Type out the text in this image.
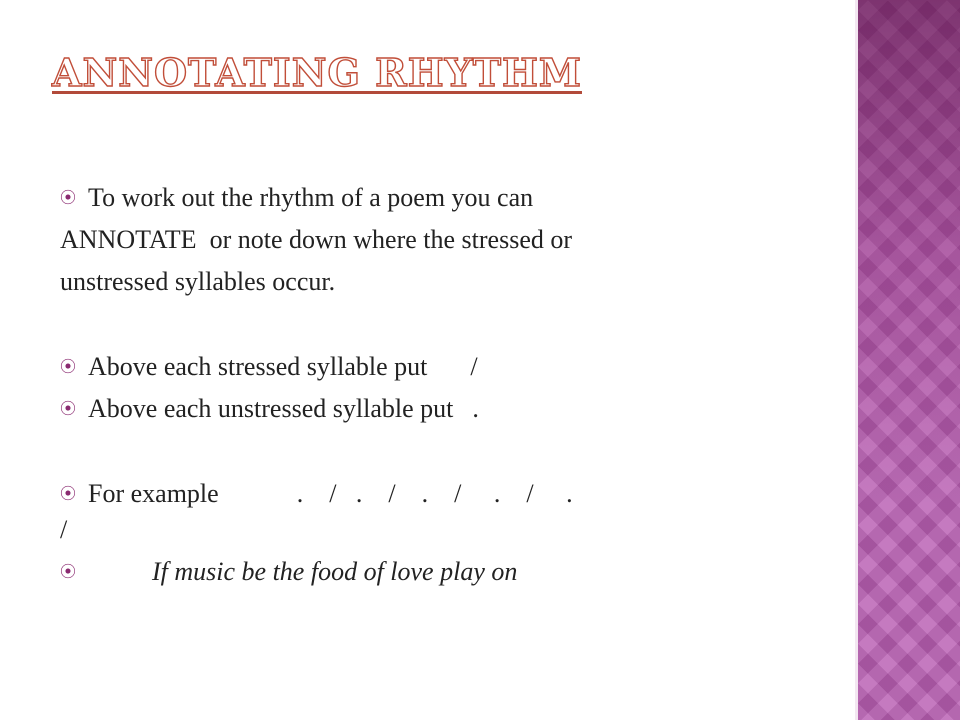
ANNOTATING RHYTHM
⦿ To work out the rhythm of a poem you can
ANNOTATE  or note down where the stressed or
unstressed syllables occur.
⦿ Above each stressed syllable put /
⦿ Above each unstressed syllable put .
⦿ For example	.    /   .    /    .    /     .    /     .
/
⦿	If music be the food of love play on
